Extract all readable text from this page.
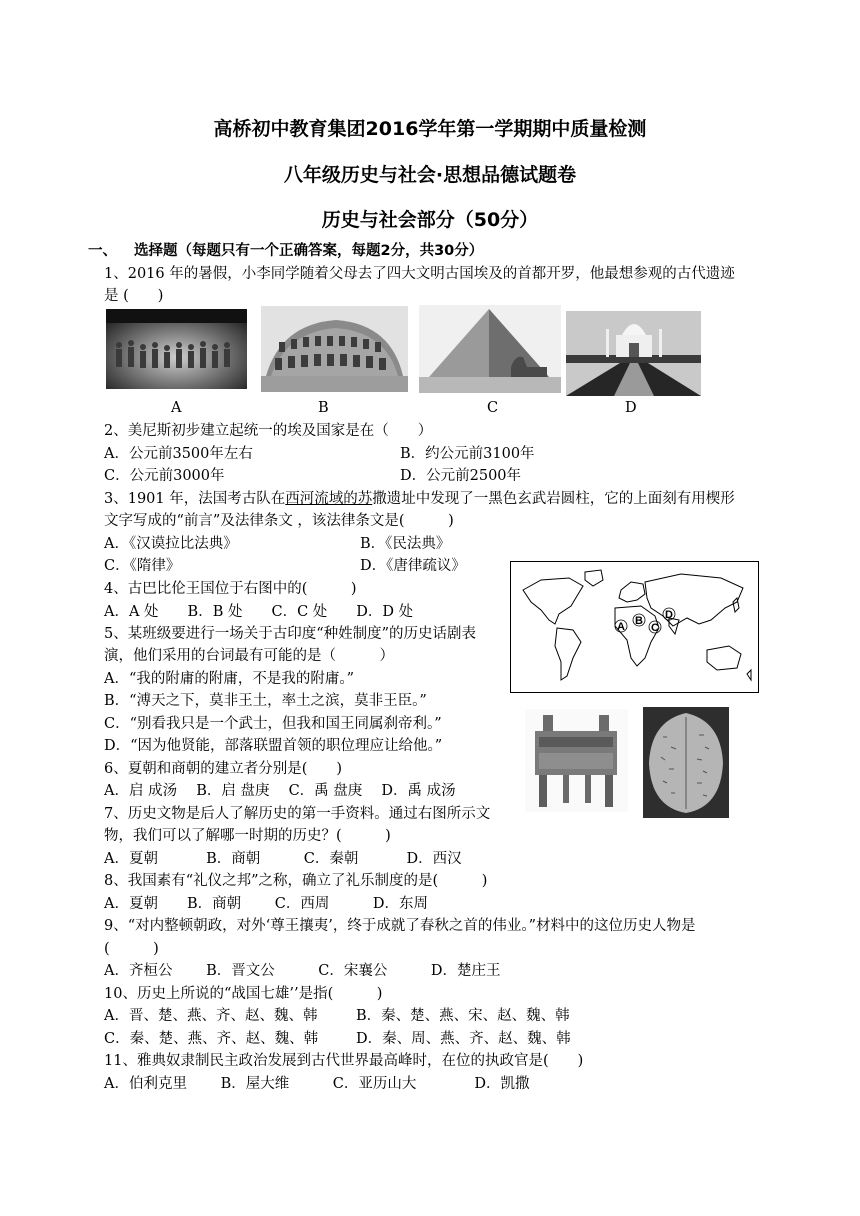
高桥初中教育集团2016学年第一学期期中质量检测
八年级历史与社会·思想品德试题卷
历史与社会部分（50分）
一、 选择题（每题只有一个正确答案，每题2分，共30分）
1、2016 年的暑假，小李同学随着父母去了四大文明古国埃及的首都开罗，他最想参观的古代遗迹
是 (　　)
A	B	C	D
2、美尼斯初步建立起统一的埃及国家是在（　　）
A．公元前3500年左右	B．约公元前3100年
C．公元前3000年	D．公元前2500年
3、1901 年，法国考古队在西河流域的苏撒遗址中发现了一黑色玄武岩圆柱，它的上面刻有用楔形
文字写成的“前言”及法律条文 ，该法律条文是(　　　)
A．《汉谟拉比法典》	B．《民法典》
C．《隋律》	D．《唐律疏议》
A B
C
D
4、古巴比伦王国位于右图中的(　　　)
A．A 处　　B．B 处　　C．C 处　　D．D 处
5、某班级要进行一场关于古印度“种姓制度”的历史话剧表
演，他们采用的台词最有可能的是（　　　）
A．“我的附庸的附庸，不是我的附庸。”
B．“溥天之下，莫非王土，率土之滨，莫非王臣。”
C．“别看我只是一个武士，但我和国王同属刹帝利。”
D．“因为他贤能，部落联盟首领的职位理应让给他。”
6、夏朝和商朝的建立者分别是(　　)
A．启 成汤　 B．启 盘庚　 C．禹 盘庚　 D．禹 成汤
7、历史文物是后人了解历史的第一手资料。通过右图所示文
物，我们可以了解哪一时期的历史？(　　　)
A．夏朝　　　 B．商朝　　　C．秦朝　　　 D．西汉
8、我国素有“礼仪之邦”之称，确立了礼乐制度的是(　　　)
A．夏朝　　B．商朝　　 C．西周　　　D．东周
9、“对内整顿朝政，对外‘尊王攘夷’，终于成就了春秋之首的伟业。”材料中的这位历史人物是
(　　　)
A．齐桓公　　 B．晋文公　　　C．宋襄公　　　D．楚庄王
10、历史上所说的“战国七雄’’是指(　　　)
A．晋、楚、燕、齐、赵、魏、韩	B．秦、楚、燕、宋、赵、魏、韩
C．秦、楚、燕、齐、赵、魏、韩	D．秦、周、燕、齐、赵、魏、韩
11、雅典奴隶制民主政治发展到古代世界最高峰时，在位的执政官是(　　)
A．伯利克里　　 B．屋大维　　　C．亚历山大　　　　D．凯撒
